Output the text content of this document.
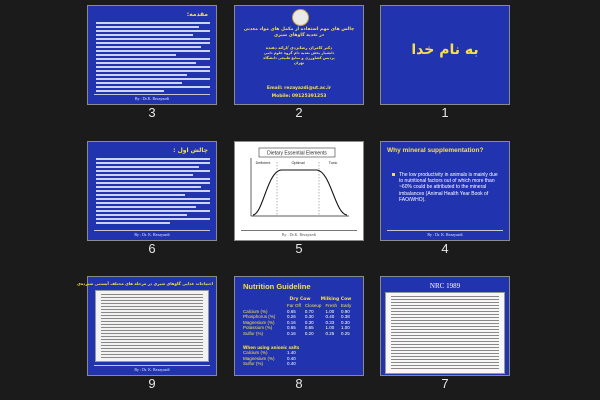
مقدمه:
By : Dr.K. Rezayazdi
3
چالش های مهم استفاده از مکمل های مواد معدنی
در تغذیه گاوهای شیری
دکتر کامران رضایزدی /ارائه دهنده
دانشیار بخش تغذیه دام گروه علوم دامی
پردیس کشاورزی و منابع طبیعی دانشگاه
تهران
Email: rezayazdi@ut.ac.ir
Mobile: 09125391253
2
به نام خدا
1
چالش اول :
By : Dr. K. Rezayazdi
6
Dietary Essential Elements
Deficient	Optimal	Toxic
By : Dr.K. Rezayazdi
5
Why mineral supplementation?
The low productivity in animals is mainly due to nutritional factors out of which more than ~60% could be attributed to the mineral imbalances (Animal Health Year Book of FAO/WHO).
By : Dr. K. Rezayazdi
4
احتیاجات غذایی گاوهای شیری در مرحله های مختلف آبستنی شیرده‌ی
By : Dr. K. Rezayazdi
9
Nutrition Guideline
Dry Cow	Milking Cow
	Far Off	Closeup	Fresh	Early
Calcium (%)	0.65	0.70	1.00	0.90
Phosphorus (%)	0.26	0.30	0.40	0.38
Magnesium (%)	0.16	0.30	0.33	0.30
Potassium (%)	0.65	0.65	1.00	1.00
Sulfur (%)	0.16	0.20	0.25	0.25
When using anionic salts
Calcium (%)	1.40
Magnesium (%)	0.40
Sulfur (%)	0.40
8
NRC 1989
7
